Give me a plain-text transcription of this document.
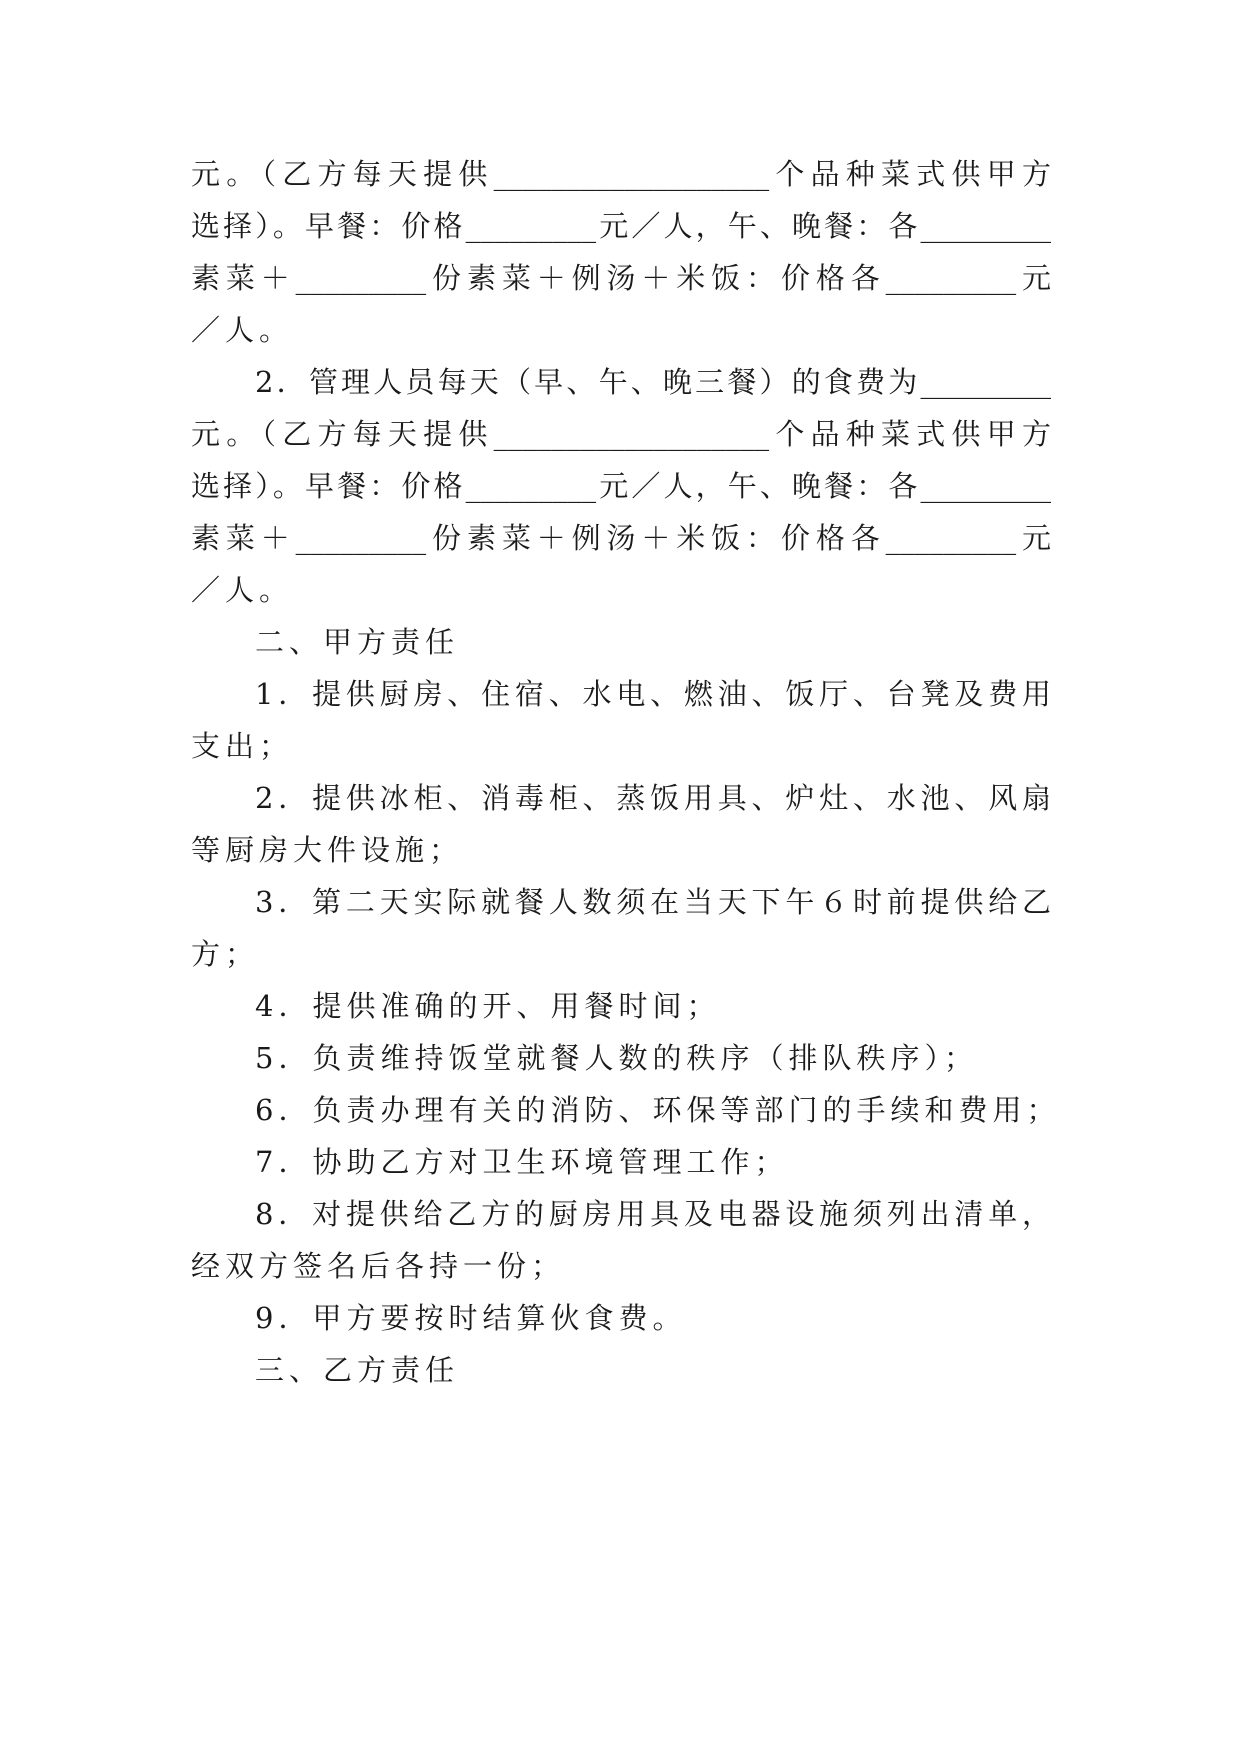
元。（乙方每天提供___________________个品种菜式供甲方
选择）。早餐：价格_________元／人，午、晚餐：各_________
素菜＋_________份素菜＋例汤＋米饭：价格各_________元
／人。
2．管理人员每天（早、午、晚三餐）的食费为_________
元。（乙方每天提供___________________个品种菜式供甲方
选择）。早餐：价格_________元／人，午、晚餐：各_________
素菜＋_________份素菜＋例汤＋米饭：价格各_________元
／人。
二、甲方责任
1．提供厨房、住宿、水电、燃油、饭厅、台凳及费用
支出；
2．提供冰柜、消毒柜、蒸饭用具、炉灶、水池、风扇
等厨房大件设施；
3．第二天实际就餐人数须在当天下午６时前提供给乙
方；
4．提供准确的开、用餐时间；
5．负责维持饭堂就餐人数的秩序（排队秩序）；
6．负责办理有关的消防、环保等部门的手续和费用；
7．协助乙方对卫生环境管理工作；
8．对提供给乙方的厨房用具及电器设施须列出清单，
经双方签名后各持一份；
9．甲方要按时结算伙食费。
三、乙方责任
